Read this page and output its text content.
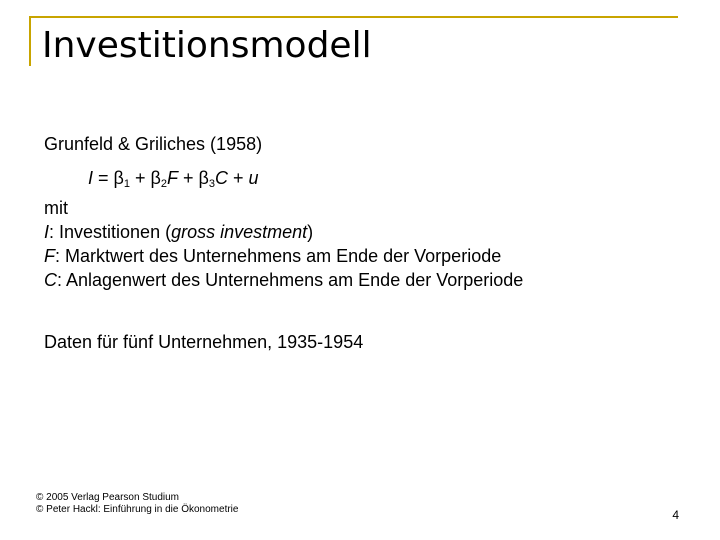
Investitionsmodell
Grunfeld & Griliches (1958)
$I = \beta_1 + \beta_2F + \beta_3C + u$
mit
I: Investitionen (gross investment)
F: Marktwert des Unternehmens am Ende der Vorperiode
C: Anlagenwert des Unternehmens am Ende der Vorperiode
Daten für fünf Unternehmen, 1935-1954
© 2005 Verlag Pearson Studium
© Peter Hackl: Einführung in die Ökonometrie	4
